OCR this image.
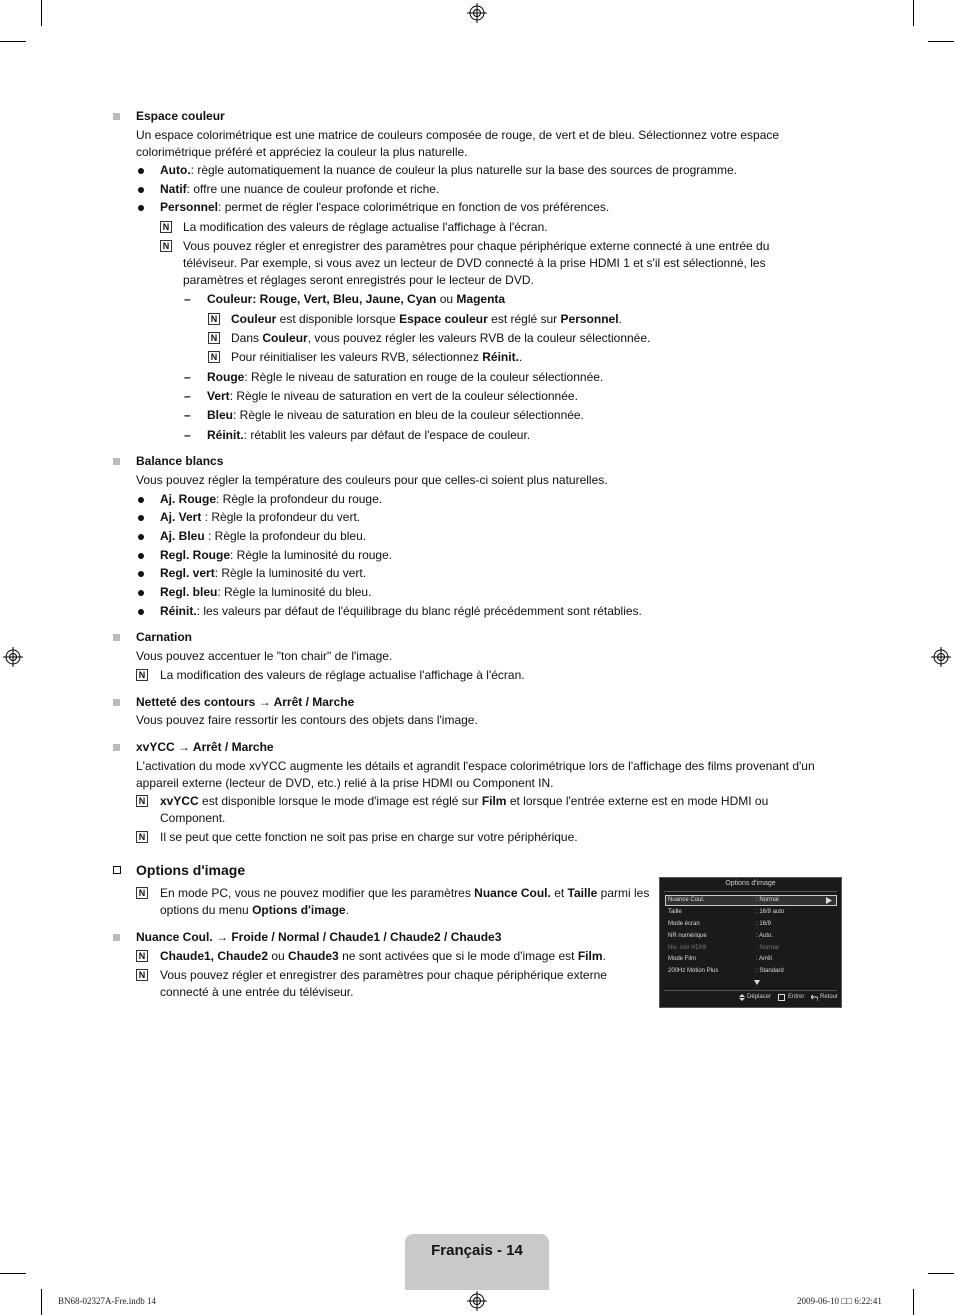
Espace couleur
Un espace colorimétrique est une matrice de couleurs composée de rouge, de vert et de bleu. Sélectionnez votre espace colorimétrique préféré et appréciez la couleur la plus naturelle.
Auto.: règle automatiquement la nuance de couleur la plus naturelle sur la base des sources de programme.
Natif: offre une nuance de couleur profonde et riche.
Personnel: permet de régler l'espace colorimétrique en fonction de vos préférences.
N La modification des valeurs de réglage actualise l'affichage à l'écran.
N Vous pouvez régler et enregistrer des paramètres pour chaque périphérique externe connecté à une entrée du téléviseur. Par exemple, si vous avez un lecteur de DVD connecté à la prise HDMI 1 et s'il est sélectionné, les paramètres et réglages seront enregistrés pour le lecteur de DVD.
– Couleur: Rouge, Vert, Bleu, Jaune, Cyan ou Magenta
N Couleur est disponible lorsque Espace couleur est réglé sur Personnel.
N Dans Couleur, vous pouvez régler les valeurs RVB de la couleur sélectionnée.
N Pour réinitialiser les valeurs RVB, sélectionnez Réinit..
– Rouge: Règle le niveau de saturation en rouge de la couleur sélectionnée.
– Vert: Règle le niveau de saturation en vert de la couleur sélectionnée.
– Bleu: Règle le niveau de saturation en bleu de la couleur sélectionnée.
– Réinit.: rétablit les valeurs par défaut de l'espace de couleur.
Balance blancs
Vous pouvez régler la température des couleurs pour que celles-ci soient plus naturelles.
Aj. Rouge: Règle la profondeur du rouge.
Aj. Vert : Règle la profondeur du vert.
Aj. Bleu : Règle la profondeur du bleu.
Regl. Rouge: Règle la luminosité du rouge.
Regl. vert: Règle la luminosité du vert.
Regl. bleu: Règle la luminosité du bleu.
Réinit.: les valeurs par défaut de l'équilibrage du blanc réglé précédemment sont rétablies.
Carnation
Vous pouvez accentuer le "ton chair" de l'image.
N La modification des valeurs de réglage actualise l'affichage à l'écran.
Netteté des contours → Arrêt / Marche
Vous pouvez faire ressortir les contours des objets dans l'image.
xvYCC → Arrêt / Marche
L'activation du mode xvYCC augmente les détails et agrandit l'espace colorimétrique lors de l'affichage des films provenant d'un appareil externe (lecteur de DVD, etc.) relié à la prise HDMI ou Component IN.
N xvYCC est disponible lorsque le mode d'image est réglé sur Film et lorsque l'entrée externe est en mode HDMI ou Component.
N Il se peut que cette fonction ne soit pas prise en charge sur votre périphérique.
Options d'image
N En mode PC, vous ne pouvez modifier que les paramètres Nuance Coul. et Taille parmi les options du menu Options d'image.
Nuance Coul. → Froide / Normal / Chaude1 / Chaude2 / Chaude3
N Chaude1, Chaude2 ou Chaude3 ne sont activées que si le mode d'image est Film.
N Vous pouvez régler et enregistrer des paramètres pour chaque périphérique externe connecté à une entrée du téléviseur.
Options d'image
Nuance Coul.	: Normal
Taille	: 16/9 auto
Mode écran	: 16/9
NR numérique	: Auto.
Niv. noir HDMI	: Normal
Mode Film	: Arrêt
200Hz Motion Plus	: Standard
Déplacer	Entrer	Retour
Français - 14
BN68-02327A-Fre.indb 14	2009-06-10 □□ 6:22:41
